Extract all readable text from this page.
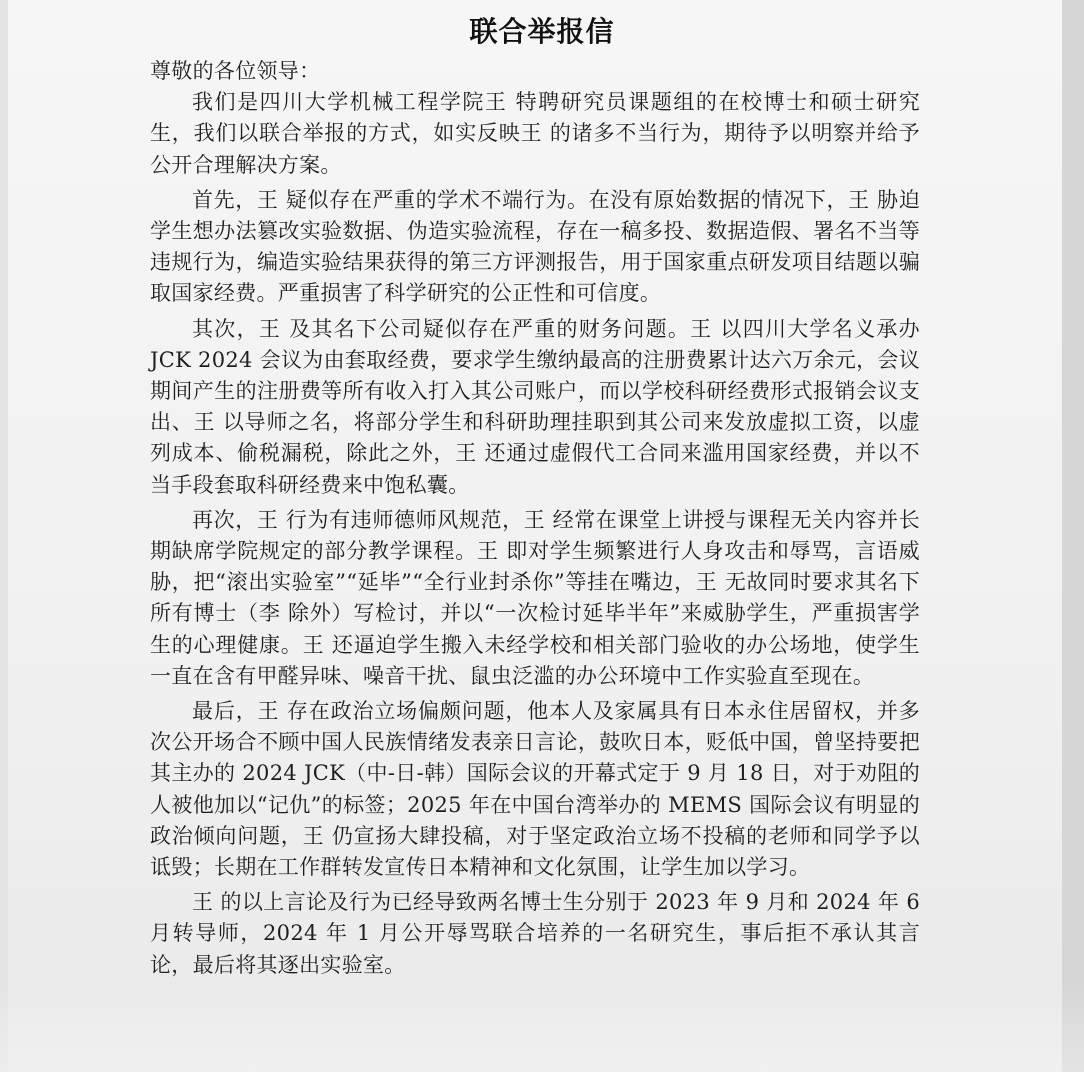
联合举报信

尊敬的各位领导：

我们是四川大学机械工程学院王 特聘研究员课题组的在校博士和硕士研究生，我们以联合举报的方式，如实反映王 的诸多不当行为，期待予以明察并给予公开合理解决方案。

首先，王 疑似存在严重的学术不端行为。在没有原始数据的情况下，王 胁迫学生想办法篡改实验数据、伪造实验流程，存在一稿多投、数据造假、署名不当等违规行为，编造实验结果获得的第三方评测报告，用于国家重点研发项目结题以骗取国家经费。严重损害了科学研究的公正性和可信度。

其次，王 及其名下公司疑似存在严重的财务问题。王 以四川大学名义承办 JCK 2024 会议为由套取经费，要求学生缴纳最高的注册费累计达六万余元，会议期间产生的注册费等所有收入打入其公司账户，而以学校科研经费形式报销会议支出、王 以导师之名，将部分学生和科研助理挂职到其公司来发放虚拟工资，以虚列成本、偷税漏税，除此之外，王 还通过虚假代工合同来滥用国家经费，并以不当手段套取科研经费来中饱私囊。

再次，王 行为有违师德师风规范，王 经常在课堂上讲授与课程无关内容并长期缺席学院规定的部分教学课程。王 即对学生频繁进行人身攻击和辱骂，言语威胁，把“滚出实验室”“延毕”“全行业封杀你”等挂在嘴边，王 无故同时要求其名下所有博士（李 除外）写检讨，并以“一次检讨延毕半年”来威胁学生，严重损害学生的心理健康。王 还逼迫学生搬入未经学校和相关部门验收的办公场地，使学生一直在含有甲醛异味、噪音干扰、鼠虫泛滥的办公环境中工作实验直至现在。

最后，王 存在政治立场偏颇问题，他本人及家属具有日本永住居留权，并多次公开场合不顾中国人民族情绪发表亲日言论，鼓吹日本，贬低中国，曾坚持要把其主办的 2024 JCK（中-日-韩）国际会议的开幕式定于 9 月 18 日，对于劝阻的人被他加以“记仇”的标签；2025 年在中国台湾举办的 MEMS 国际会议有明显的政治倾向问题，王 仍宣扬大肆投稿，对于坚定政治立场不投稿的老师和同学予以诋毁；长期在工作群转发宣传日本精神和文化氛围，让学生加以学习。

王 的以上言论及行为已经导致两名博士生分别于 2023 年 9 月和 2024 年 6 月转导师，2024 年 1 月公开辱骂联合培养的一名研究生，事后拒不承认其言论，最后将其逐出实验室。
